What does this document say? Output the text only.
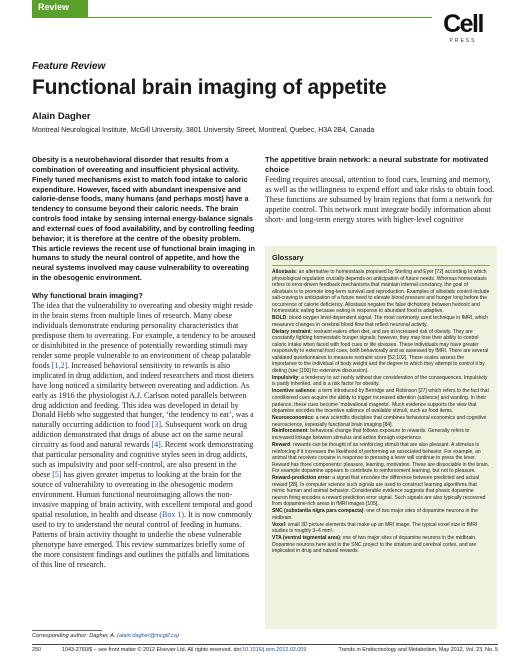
Review
Cell
PRESS
Feature Review
Functional brain imaging of appetite
Alain Dagher
Montreal Neurological Institute, McGill University, 3801 University Street, Montreal, Quebec, H3A 2B4, Canada

Obesity is a neurobehavioral disorder that results from a combination of overeating and insufficient physical activity. Finely tuned mechanisms exist to match food intake to caloric expenditure. However, faced with abundant inexpensive and calorie-dense foods, many humans (and perhaps most) have a tendency to consume beyond their caloric needs. The brain controls food intake by sensing internal energy-balance signals and external cues of food availability, and by controlling feeding behavior; it is therefore at the centre of the obesity problem. This article reviews the recent use of functional brain imaging in humans to study the neural control of appetite, and how the neural systems involved may cause vulnerability to overeating in the obesogenic environment.

Why functional brain imaging?

The idea that the vulnerability to overeating and obesity might reside in the brain stems from multiple lines of research. Many obese individuals demonstrate enduring personality characteristics that predispose them to overeating. For example, a tendency to be aroused or disinhibited in the presence of potentially rewarding stimuli may render some people vulnerable to an environment of cheap palatable foods [1,2]. Increased behavioral sensitivity to rewards is also implicated in drug addiction, and indeed researchers and most dieters have long noticed a similarity between overeating and addiction. As early as 1916 the physiologist A.J. Carlson noted parallels between drug addiction and feeding. This idea was developed in detail by Donald Hebb who suggested that hunger, ‘the tendency to eat’, was a naturally occurring addiction to food [3]. Subsequent work on drug addiction demonstrated that drugs of abuse act on the same neural circuitry as food and natural rewards [4]. Recent work demonstrating that particular personality and cognitive styles seen in drug addicts, such as impulsivity and poor self-control, are also present in the obese [5] has given greater impetus to looking at the brain for the source of vulnerability to overeating in the obesogenic modern environment. Human functional neuroimaging allows the non-invasive mapping of brain activity, with excellent temporal and good spatial resolution, in health and disease (Box 1). It is now commonly used to try to understand the neural control of feeding in humans. Patterns of brain activity thought to underlie the obese vulnerable phenotype have emerged. This review summarizes briefly some of the more consistent findings and outlines the pitfalls and limitations of this line of research.

The appetitive brain network: a neural substrate for motivated choice

Feeding requires arousal, attention to food cues, learning and memory, as well as the willingness to expend effort and take risks to obtain food. These functions are subsumed by brain regions that form a network for appetite control. This network must integrate bodily information about short- and long-term energy stores with higher-level cognitive

Glossary
Allostasis: an alternative to homeostasis proposed by Sterling and Eyer [72] according to which physiological regulation crucially depends on anticipation of future needs. Whereas homeostasis refers to error-driven feedback mechanisms that maintain internal constancy, the goal of allostasis is to promote long-term survival and reproduction. Examples of allostatic control include salt-craving in anticipation of a future need to elevate blood pressure and hunger long before the occurrence of calorie deficiency. Allostasis negates the false dichotomy between hedonic and homeostatic eating because eating in response to abundant food is adaptive.
BOLD: blood oxygen level-dependent signal. The most commonly used technique in fMRI, which measures changes in cerebral blood flow that reflect neuronal activity.
Dietary restraint: restraint eaters often diet, and are at increased risk of obesity. They are constantly fighting homeostatic hunger signals; however, they may lose their ability to control caloric intake when faced with food cues or life stresses. These individuals may have greater responsivity to external food cues, both behaviorally and as assessed by fMRI. There are several validated questionnaires to measure restraint score [52,102]. These scales assess the importance to the individual of body weight and the degree to which they attempt to control it by dieting (see [100] for extensive discussion).
Impulsivity: a tendency to act rashly without due consideration of the consequences. Impulsivity is partly inherited, and is a risk factor for obesity.
Incentive salience: a term introduced by Berridge and Robinson [27] which refers to the fact that conditioned cues acquire the ability to trigger increased attention (salience) and wanting. In their parlance, these cues become ‘motivational magnets’. Much evidence supports the view that dopamine encodes the incentive salience of available stimuli, such as food items.
Neuroeconomics: a new scientific discipline that combines behavioral economics and cognitive neuroscience, especially functional brain imaging [84].
Reinforcement: behavioral change that follows exposure to rewards. Generally refers to increased linkage between stimulus and action through experience.
Reward: rewards can be thought of as reinforcing stimuli that are also pleasant. A stimulus is reinforcing if it increases the likelihood of performing an associated behavior. For example, an animal that receives cocaine in response to pressing a lever will continue to press the lever. Reward has three components: pleasure, learning, motivation. These are dissociable in the brain. For example dopamine appears to contribute to reinforcement learning, but not to pleasure.
Reward-prediction error: a signal that encodes the difference between predicted and actual reward [28]. In computer science such signals are used to construct learning algorithms that mimic human and animal behavior. Considerable evidence suggests that phasic dopamine neuron firing encodes a reward prediction error signal. Such signals are also typically recovered from dopamine-rich areas in fMRI images [105].
SNC (substantia nigra pars compacta): one of two major sites of dopamine neurons in the midbrain.
Voxel: small 3D picture elements that make up an MRI image. The typical voxel size in fMRI studies is roughly 3–4 mm³.
VTA (ventral tegmental area): one of two major sites of dopamine neurons in the midbrain. Dopamine neurons here and in the SNC project to the striatum and cerebral cortex, and are implicated in drug and natural rewards.
Corresponding author: Dagher, A. (alain.dagher@mcgill.ca)
250	1043-2760/$ – see front matter © 2012 Elsevier Ltd. All rights reserved. doi:10.1016/j.tem.2012.02.009	Trends in Endocrinology and Metabolism, May 2012, Vol. 23, No. 5
